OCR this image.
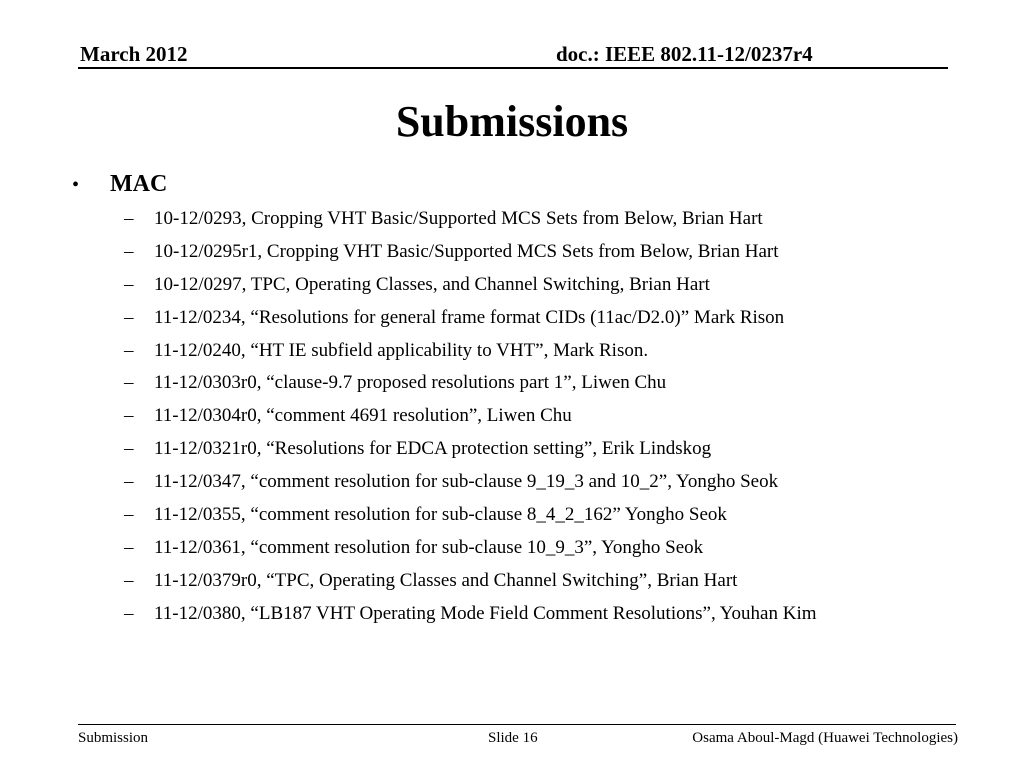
March 2012	doc.: IEEE 802.11-12/0237r4
Submissions
• MAC
– 10-12/0293, Cropping VHT Basic/Supported MCS Sets from Below, Brian Hart
– 10-12/0295r1, Cropping VHT Basic/Supported MCS Sets from Below, Brian Hart
– 10-12/0297, TPC, Operating Classes, and Channel Switching, Brian Hart
– 11-12/0234, “Resolutions for general frame format CIDs (11ac/D2.0)” Mark Rison
– 11-12/0240, “HT IE subfield applicability to VHT”, Mark Rison.
– 11-12/0303r0, “clause-9.7 proposed resolutions part 1”, Liwen Chu
– 11-12/0304r0, “comment 4691 resolution”, Liwen Chu
– 11-12/0321r0, “Resolutions for EDCA protection setting”, Erik Lindskog
– 11-12/0347, “comment resolution for sub-clause 9_19_3 and 10_2”, Yongho Seok
– 11-12/0355, “comment resolution for sub-clause 8_4_2_162” Yongho Seok
– 11-12/0361, “comment resolution for sub-clause 10_9_3”, Yongho Seok
– 11-12/0379r0, “TPC, Operating Classes and Channel Switching”, Brian Hart
– 11-12/0380, “LB187 VHT Operating Mode Field Comment Resolutions”, Youhan Kim
Submission	Slide 16	Osama Aboul-Magd (Huawei Technologies)
